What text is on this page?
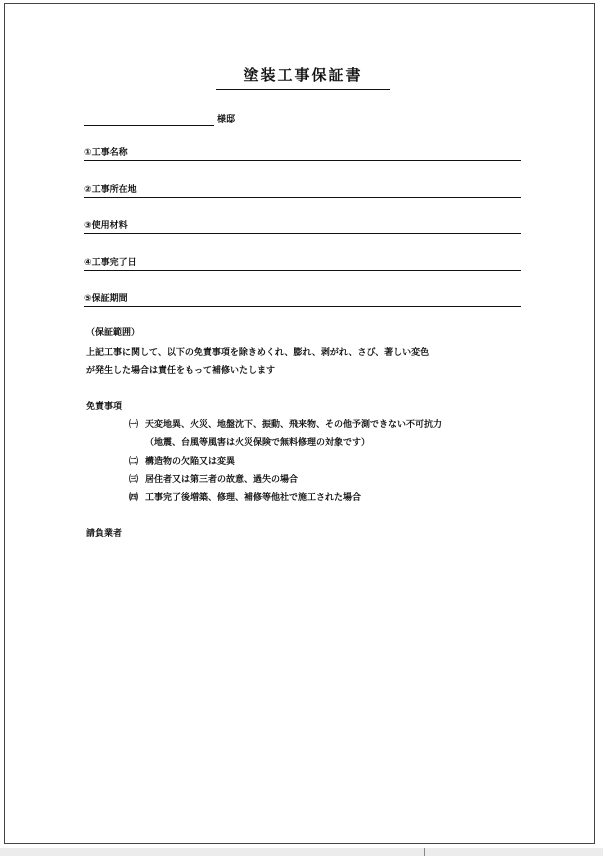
塗装工事保証書
様邸
①工事名称
②工事所在地
③使用材料
④工事完了日
⑤保証期間
（保証範囲）
上記工事に関して、以下の免責事項を除きめくれ、膨れ、剥がれ、さび、著しい変色
が発生した場合は責任をもって補修いたします
免責事項
㈠ 天変地異、火災、地盤沈下、振動、飛来物、その他予測できない不可抗力
（地震、台風等風害は火災保険で無料修理の対象です）
㈡ 構造物の欠陥又は変異
㈢ 居住者又は第三者の故意、過失の場合
㈣ 工事完了後増築、修理、補修等他社で施工された場合
請負業者
